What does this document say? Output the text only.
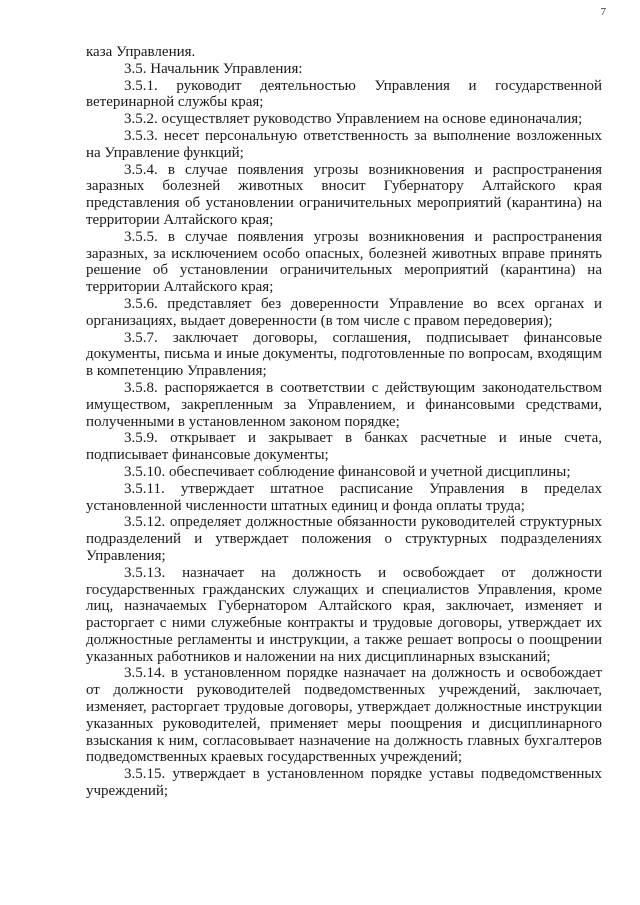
7

каза Управления.

3.5. Начальник Управления:

3.5.1. руководит деятельностью Управления и государственной ветеринарной службы края;

3.5.2. осуществляет руководство Управлением на основе единоначалия;

3.5.3. несет персональную ответственность за выполнение возложенных на Управление функций;

3.5.4. в случае появления угрозы возникновения и распространения заразных болезней животных вносит Губернатору Алтайского края представления об установлении ограничительных мероприятий (карантина) на территории Алтайского края;

3.5.5. в случае появления угрозы возникновения и распространения заразных, за исключением особо опасных, болезней животных вправе принять решение об установлении ограничительных мероприятий (карантина) на территории Алтайского края;

3.5.6. представляет без доверенности Управление во всех органах и организациях, выдает доверенности (в том числе с правом передоверия);

3.5.7. заключает договоры, соглашения, подписывает финансовые документы, письма и иные документы, подготовленные по вопросам, входящим в компетенцию Управления;

3.5.8. распоряжается в соответствии с действующим законодательством имуществом, закрепленным за Управлением, и финансовыми средствами, полученными в установленном законом порядке;

3.5.9. открывает и закрывает в банках расчетные и иные счета, подписывает финансовые документы;

3.5.10. обеспечивает соблюдение финансовой и учетной дисциплины;

3.5.11. утверждает штатное расписание Управления в пределах установленной численности штатных единиц и фонда оплаты труда;

3.5.12. определяет должностные обязанности руководителей структурных подразделений и утверждает положения о структурных подразделениях Управления;

3.5.13. назначает на должность и освобождает от должности государственных гражданских служащих и специалистов Управления, кроме лиц, назначаемых Губернатором Алтайского края, заключает, изменяет и расторгает с ними служебные контракты и трудовые договоры, утверждает их должностные регламенты и инструкции, а также решает вопросы о поощрении указанных работников и наложении на них дисциплинарных взысканий;

3.5.14. в установленном порядке назначает на должность и освобождает от должности руководителей подведомственных учреждений, заключает, изменяет, расторгает трудовые договоры, утверждает должностные инструкции указанных руководителей, применяет меры поощрения и дисциплинарного взыскания к ним, согласовывает назначение на должность главных бухгалтеров подведомственных краевых государственных учреждений;

3.5.15. утверждает в установленном порядке уставы подведомственных учреждений;
